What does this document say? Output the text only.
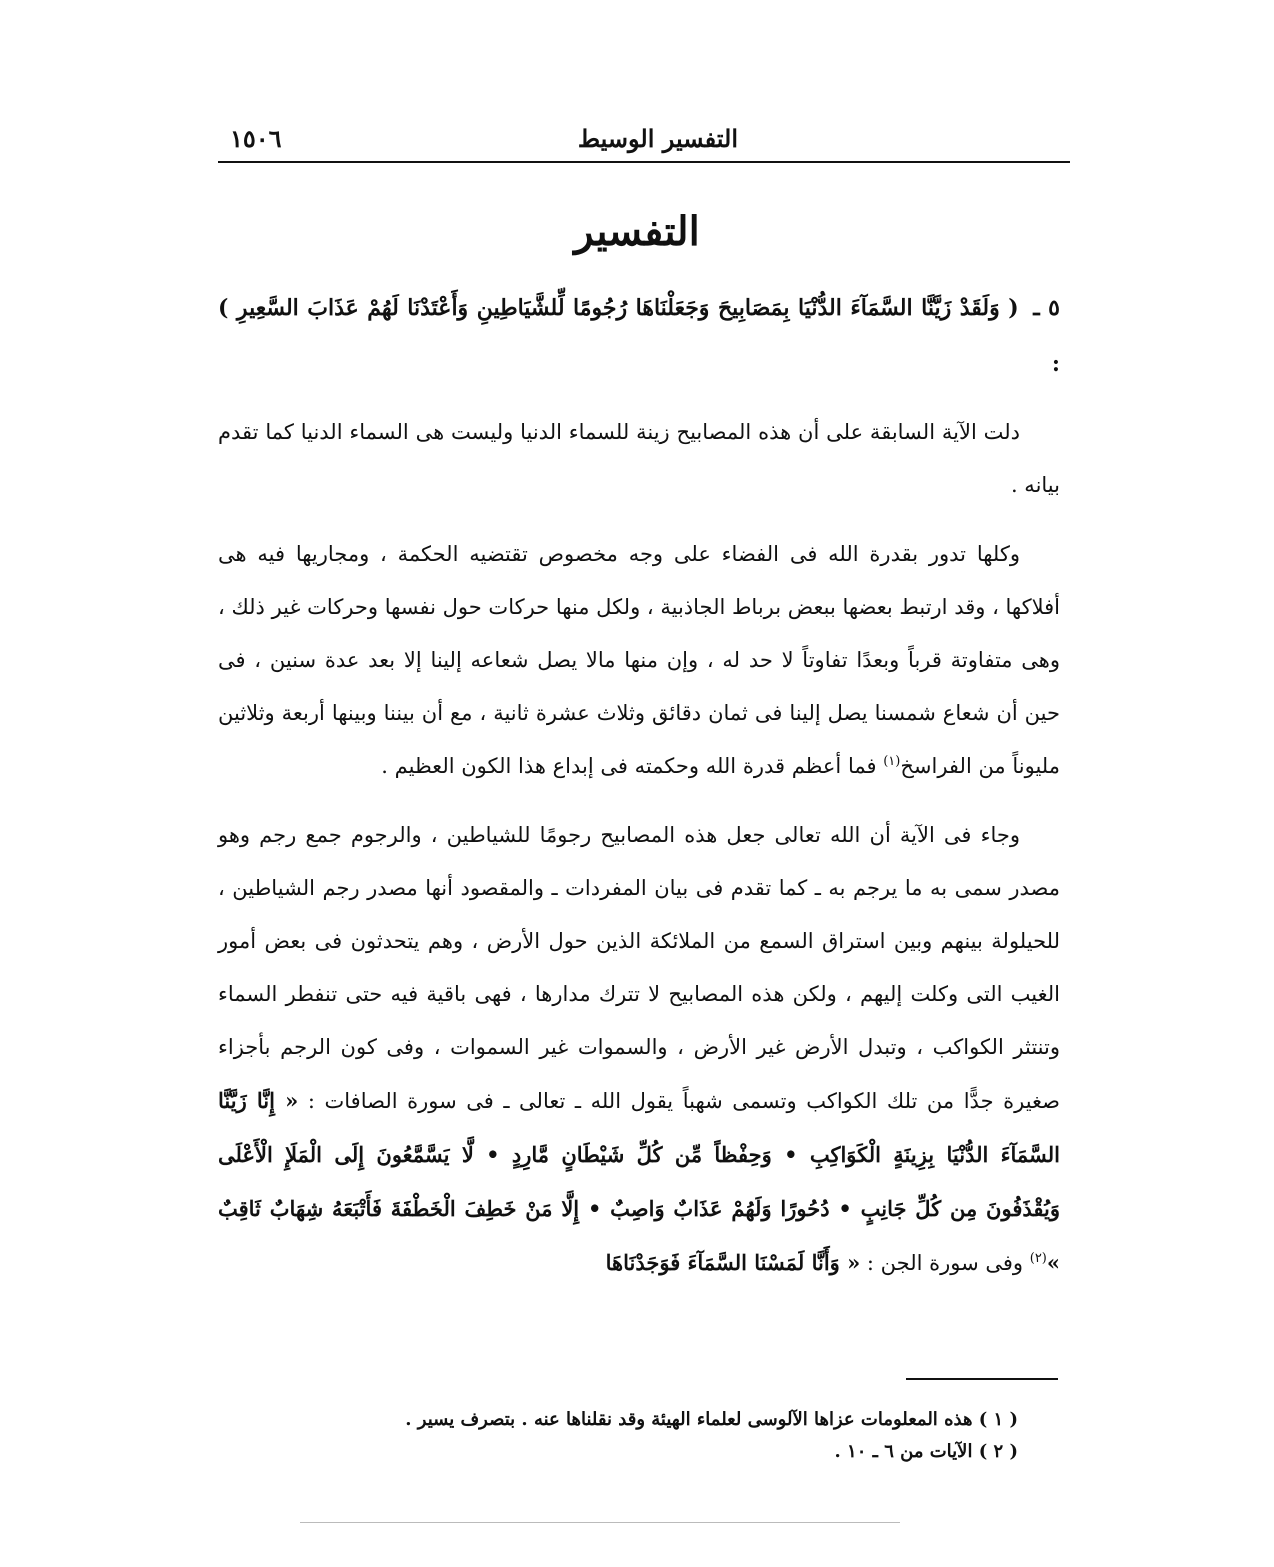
التفسير الوسيط
١٥٠٦
التفسير

٥ ـ ( وَلَقَدْ زَيَّنَّا السَّمَآءَ الدُّنْيَا بِمَصَابِيحَ وَجَعَلْنَاهَا رُجُومًا لِّلشَّيَاطِينِ وَأَعْتَدْنَا لَهُمْ عَذَابَ السَّعِيرِ ) :

دلت الآية السابقة على أن هذه المصابيح زينة للسماء الدنيا وليست هى السماء الدنيا كما تقدم بيانه .

وكلها تدور بقدرة الله فى الفضاء على وجه مخصوص تقتضيه الحكمة ، ومجاريها فيه هى أفلاكها ، وقد ارتبط بعضها ببعض برباط الجاذبية ، ولكل منها حركات حول نفسها وحركات غير ذلك ، وهى متفاوتة قرباً وبعدًا تفاوتاً لا حد له ، وإن منها مالا يصل شعاعه إلينا إلا بعد عدة سنين ، فى حين أن شعاع شمسنا يصل إلينا فى ثمان دقائق وثلاث عشرة ثانية ، مع أن بيننا وبينها أربعة وثلاثين مليوناً من الفراسخ$^{(١)}$ فما أعظم قدرة الله وحكمته فى إبداع هذا الكون العظيم .

وجاء فى الآية أن الله تعالى جعل هذه المصابيح رجومًا للشياطين ، والرجوم جمع رجم وهو مصدر سمى به ما يرجم به ـ كما تقدم فى بيان المفردات ـ والمقصود أنها مصدر رجم الشياطين ، للحيلولة بينهم وبين استراق السمع من الملائكة الذين حول الأرض ، وهم يتحدثون فى بعض أمور الغيب التى وكلت إليهم ، ولكن هذه المصابيح لا تترك مدارها ، فهى باقية فيه حتى تنفطر السماء وتنتثر الكواكب ، وتبدل الأرض غير الأرض ، والسموات غير السموات ، وفى كون الرجم بأجزاء صغيرة جدًّا من تلك الكواكب وتسمى شهباً يقول الله ـ تعالى ـ فى سورة الصافات : « إِنَّا زَيَّنَّا السَّمَآءَ الدُّنْيَا بِزِينَةٍ الْكَوَاكِبِ • وَحِفْظاً مِّن كُلِّ شَيْطَانٍ مَّارِدٍ • لَّا يَسَّمَّعُونَ إِلَى الْمَلَإِ الْأَعْلَى وَيُقْذَفُونَ مِن كُلِّ جَانِبٍ • دُحُورًا وَلَهُمْ عَذَابٌ وَاصِبٌ • إِلَّا مَنْ خَطِفَ الْخَطْفَةَ فَأَتْبَعَهُ شِهَابٌ ثَاقِبٌ »$^{(٢)}$ وفى سورة الجن : « وَأَنَّا لَمَسْنَا السَّمَآءَ فَوَجَدْنَاهَا

( ١ ) هذه المعلومات عزاها الآلوسى لعلماء الهيئة وقد نقلناها عنه . بتصرف يسير .

( ٢ ) الآيات من ٦ ـ ١٠ .
